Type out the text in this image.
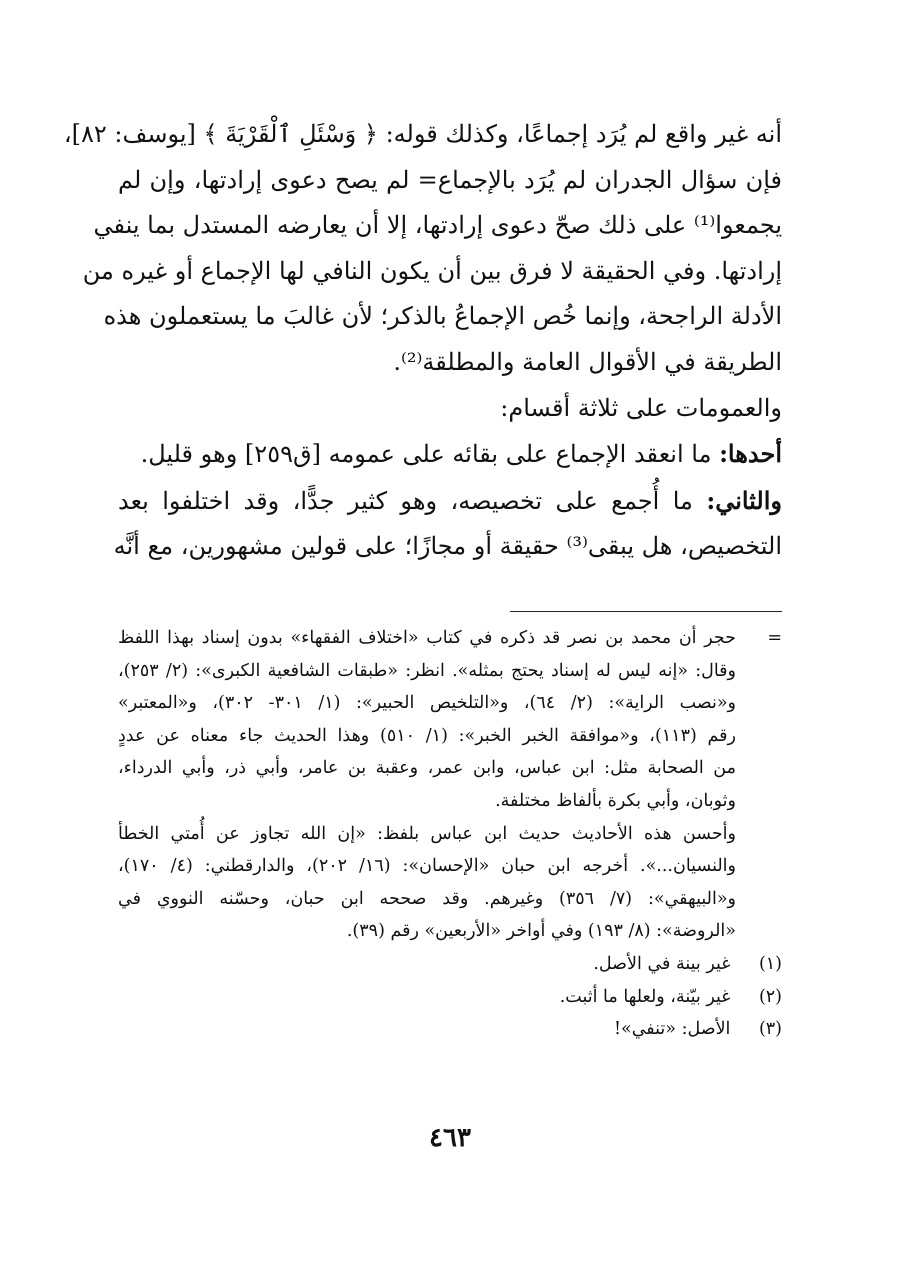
أنه غير واقع لم يُرَد إجماعًا، وكذلك قوله: ﴿ وَسْئَلِ ٱلْقَرْيَةَ ﴾ [يوسف: ٨٢]،
فإن سؤال الجدران لم يُرَد بالإجماع= لم يصح دعوى إرادتها، وإن لم
يجمعوا⁽¹⁾ على ذلك صحّ دعوى إرادتها، إلا أن يعارضه المستدل بما ينفي
إرادتها. وفي الحقيقة لا فرق بين أن يكون النافي لها الإجماع أو غيره من
الأدلة الراجحة، وإنما خُص الإجماعُ بالذكر؛ لأن غالبَ ما يستعملون هذه
الطريقة في الأقوال العامة والمطلقة⁽²⁾.
والعمومات على ثلاثة أقسام:
أحدها: ما انعقد الإجماع على بقائه على عمومه [ق٢٥٩] وهو قليل.
والثاني: ما أُجمع على تخصيصه، وهو كثير جدًّا، وقد اختلفوا بعد
التخصيص، هل يبقى⁽³⁾ حقيقة أو مجازًا؛ على قولين مشهورين، مع أنَّه
=
حجر أن محمد بن نصر قد ذكره في كتاب «اختلاف الفقهاء» بدون إسناد بهذا اللفظ
وقال: «إنه ليس له إسناد يحتج بمثله». انظر: «طبقات الشافعية الكبرى»: (٢/ ٢٥٣)،
و«نصب الراية»: (٢/ ٦٤)، و«التلخيص الحبير»: (١/ ٣٠١- ٣٠٢)، و«المعتبر»
رقم (١١٣)، و«موافقة الخبر الخبر»: (١/ ٥١٠) وهذا الحديث جاء معناه عن عددٍ
من الصحابة مثل: ابن عباس، وابن عمر، وعقبة بن عامر، وأبي ذر، وأبي الدرداء،
وثوبان، وأبي بكرة بألفاظ مختلفة.
وأحسن هذه الأحاديث حديث ابن عباس بلفظ: «إن الله تجاوز عن أُمتي الخطأ
والنسيان...». أخرجه ابن حبان «الإحسان»: (١٦/ ٢٠٢)، والدارقطني: (٤/ ١٧٠)،
و«البيهقي»: (٧/ ٣٥٦) وغيرهم. وقد صححه ابن حبان، وحسّنه النووي في
«الروضة»: (٨/ ١٩٣) وفي أواخر «الأربعين» رقم (٣٩).
(١) غير بينة في الأصل.
(٢) غير بيّنة، ولعلها ما أثبت.
(٣) الأصل: «تنفي»!
٤٦٣
